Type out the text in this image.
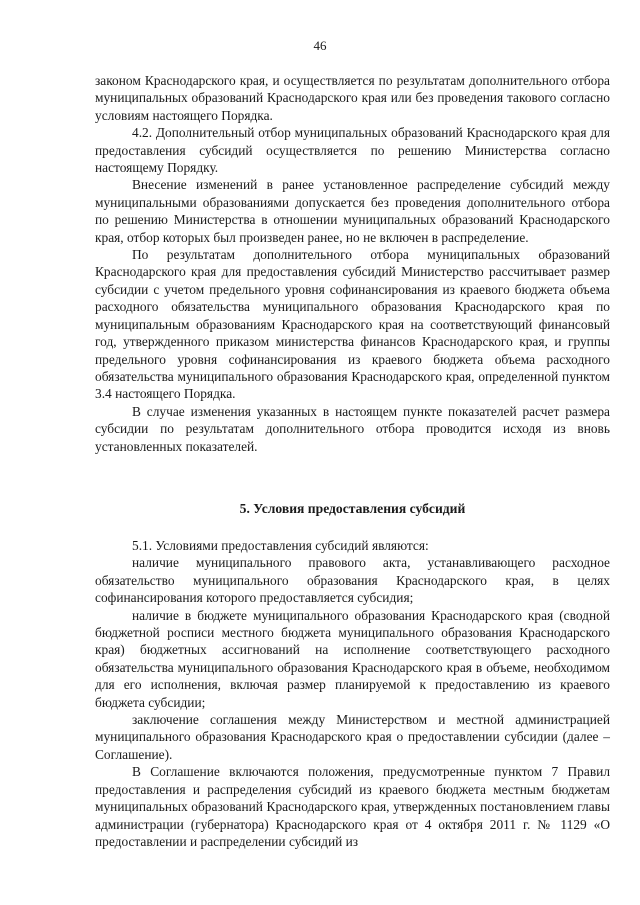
46

законом Краснодарского края, и осуществляется по результатам дополнительного отбора муниципальных образований Краснодарского края или без проведения такового согласно условиям настоящего Порядка.

4.2. Дополнительный отбор муниципальных образований Краснодарского края для предоставления субсидий осуществляется по решению Министерства согласно настоящему Порядку.

Внесение изменений в ранее установленное распределение субсидий между муниципальными образованиями допускается без проведения дополнительного отбора по решению Министерства в отношении муниципальных образований Краснодарского края, отбор которых был произведен ранее, но не включен в распределение.

По результатам дополнительного отбора муниципальных образований Краснодарского края для предоставления субсидий Министерство рассчитывает размер субсидии с учетом предельного уровня софинансирования из краевого бюджета объема расходного обязательства муниципального образования Краснодарского края по муниципальным образованиям Краснодарского края на соответствующий финансовый год, утвержденного приказом министерства финансов Краснодарского края, и группы предельного уровня софинансирования из краевого бюджета объема расходного обязательства муниципального образования Краснодарского края, определенной пунктом 3.4 настоящего Порядка.

В случае изменения указанных в настоящем пункте показателей расчет размера субсидии по результатам дополнительного отбора проводится исходя из вновь установленных показателей.

5. Условия предоставления субсидий

5.1. Условиями предоставления субсидий являются:

наличие муниципального правового акта, устанавливающего расходное обязательство муниципального образования Краснодарского края, в целях софинансирования которого предоставляется субсидия;

наличие в бюджете муниципального образования Краснодарского края (сводной бюджетной росписи местного бюджета муниципального образования Краснодарского края) бюджетных ассигнований на исполнение соответствующего расходного обязательства муниципального образования Краснодарского края в объеме, необходимом для его исполнения, включая размер планируемой к предоставлению из краевого бюджета субсидии;

заключение соглашения между Министерством и местной администрацией муниципального образования Краснодарского края о предоставлении субсидии (далее – Соглашение).

В Соглашение включаются положения, предусмотренные пунктом 7 Правил предоставления и распределения субсидий из краевого бюджета местным бюджетам муниципальных образований Краснодарского края, утвержденных постановлением главы администрации (губернатора) Краснодарского края от 4 октября 2011 г. № 1129 «О предоставлении и распределении субсидий из
